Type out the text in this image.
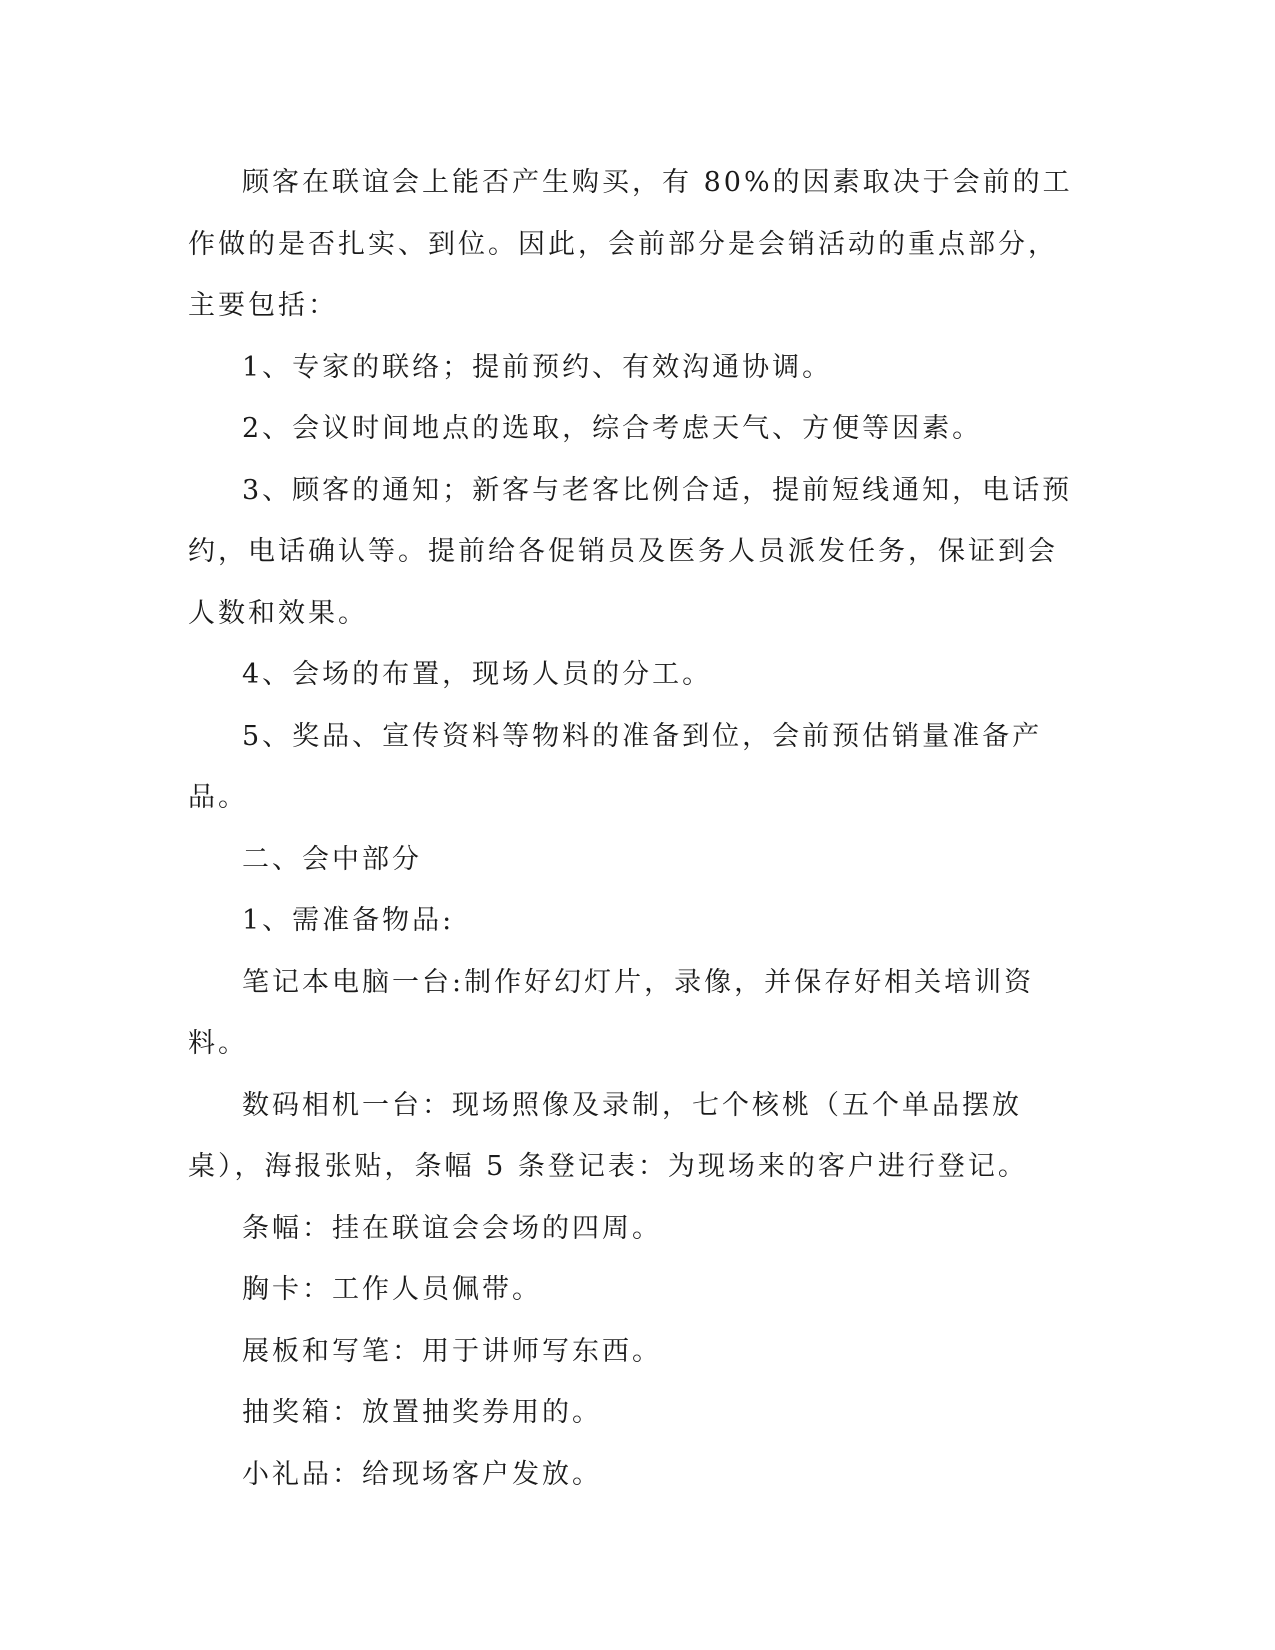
顾客在联谊会上能否产生购买，有 80%的因素取决于会前的工作做的是否扎实、到位。因此，会前部分是会销活动的重点部分，主要包括：

1、专家的联络；提前预约、有效沟通协调。

2、会议时间地点的选取，综合考虑天气、方便等因素。

3、顾客的通知；新客与老客比例合适，提前短线通知，电话预约，电话确认等。提前给各促销员及医务人员派发任务，保证到会人数和效果。

4、会场的布置，现场人员的分工。

5、奖品、宣传资料等物料的准备到位，会前预估销量准备产品。

二、会中部分

1、需准备物品:

笔记本电脑一台:制作好幻灯片，录像，并保存好相关培训资料。

数码相机一台：现场照像及录制，七个核桃（五个单品摆放桌），海报张贴，条幅 5 条登记表：为现场来的客户进行登记。

条幅：挂在联谊会会场的四周。

胸卡：工作人员佩带。

展板和写笔：用于讲师写东西。

抽奖箱：放置抽奖券用的。

小礼品：给现场客户发放。
